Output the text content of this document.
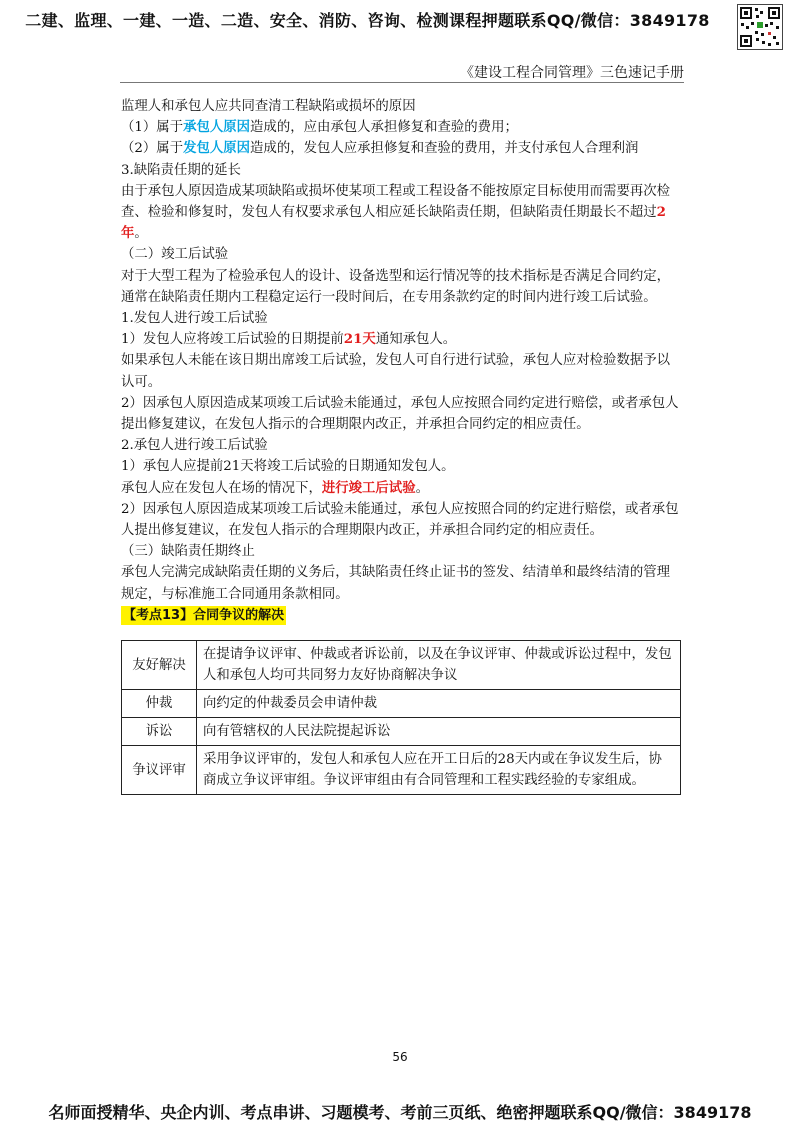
二建、监理、一建、一造、二造、安全、消防、咨询、检测课程押题联系QQ/微信：3849178
《建设工程合同管理》三色速记手册

监理人和承包人应共同查清工程缺陷或损坏的原因

（1）属于承包人原因造成的，应由承包人承担修复和查验的费用；

（2）属于发包人原因造成的，发包人应承担修复和查验的费用，并支付承包人合理利润

3.缺陷责任期的延长

由于承包人原因造成某项缺陷或损坏使某项工程或工程设备不能按原定目标使用而需要再次检查、检验和修复时，发包人有权要求承包人相应延长缺陷责任期，但缺陷责任期最长不超过2年。

（二）竣工后试验

对于大型工程为了检验承包人的设计、设备选型和运行情况等的技术指标是否满足合同约定，通常在缺陷责任期内工程稳定运行一段时间后，在专用条款约定的时间内进行竣工后试验。

1.发包人进行竣工后试验

1）发包人应将竣工后试验的日期提前21天通知承包人。

如果承包人未能在该日期出席竣工后试验，发包人可自行进行试验，承包人应对检验数据予以认可。

2）因承包人原因造成某项竣工后试验未能通过，承包人应按照合同约定进行赔偿，或者承包人提出修复建议，在发包人指示的合理期限内改正，并承担合同约定的相应责任。

2.承包人进行竣工后试验

1）承包人应提前21天将竣工后试验的日期通知发包人。

承包人应在发包人在场的情况下，进行竣工后试验。

2）因承包人原因造成某项竣工后试验未能通过，承包人应按照合同的约定进行赔偿，或者承包人提出修复建议，在发包人指示的合理期限内改正，并承担合同约定的相应责任。

（三）缺陷责任期终止

承包人完满完成缺陷责任期的义务后，其缺陷责任终止证书的签发、结清单和最终结清的管理规定，与标准施工合同通用条款相同。

【考点13】合同争议的解决

友好解决	在提请争议评审、仲裁或者诉讼前，以及在争议评审、仲裁或诉讼过程中，发包人和承包人均可共同努力友好协商解决争议
仲裁	向约定的仲裁委员会申请仲裁
诉讼	向有管辖权的人民法院提起诉讼
争议评审	采用争议评审的，发包人和承包人应在开工日后的28天内或在争议发生后，协商成立争议评审组。争议评审组由有合同管理和工程实践经验的专家组成。
56
名师面授精华、央企内训、考点串讲、习题模考、考前三页纸、绝密押题联系QQ/微信：3849178
